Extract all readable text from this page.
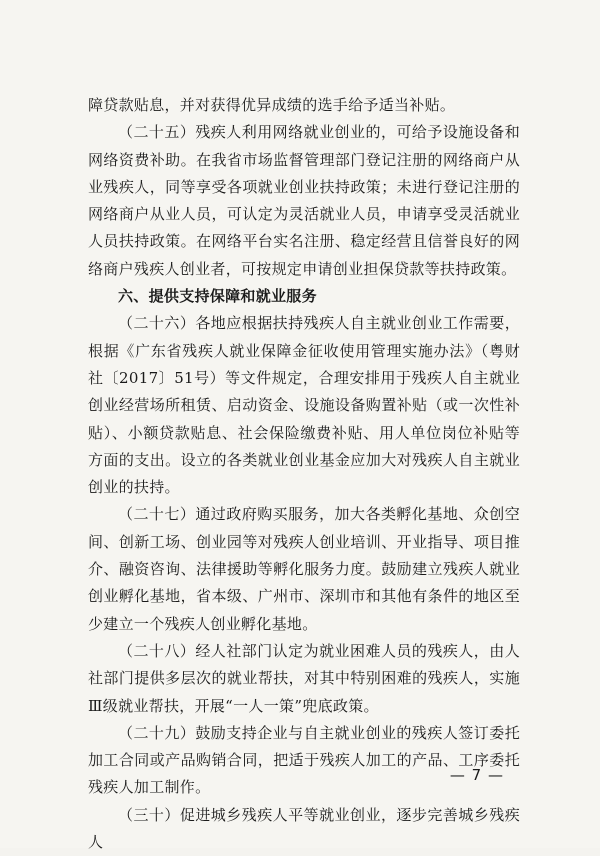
障贷款贴息，并对获得优异成绩的选手给予适当补贴。

（二十五）残疾人利用网络就业创业的，可给予设施设备和网络资费补助。在我省市场监督管理部门登记注册的网络商户从业残疾人，同等享受各项就业创业扶持政策；未进行登记注册的网络商户从业人员，可认定为灵活就业人员，申请享受灵活就业人员扶持政策。在网络平台实名注册、稳定经营且信誉良好的网络商户残疾人创业者，可按规定申请创业担保贷款等扶持政策。

六、提供支持保障和就业服务

（二十六）各地应根据扶持残疾人自主就业创业工作需要，根据《广东省残疾人就业保障金征收使用管理实施办法》（粤财社〔2017〕51号）等文件规定，合理安排用于残疾人自主就业创业经营场所租赁、启动资金、设施设备购置补贴（或一次性补贴）、小额贷款贴息、社会保险缴费补贴、用人单位岗位补贴等方面的支出。设立的各类就业创业基金应加大对残疾人自主就业创业的扶持。

（二十七）通过政府购买服务，加大各类孵化基地、众创空间、创新工场、创业园等对残疾人创业培训、开业指导、项目推介、融资咨询、法律援助等孵化服务力度。鼓励建立残疾人就业创业孵化基地，省本级、广州市、深圳市和其他有条件的地区至少建立一个残疾人创业孵化基地。

（二十八）经人社部门认定为就业困难人员的残疾人，由人社部门提供多层次的就业帮扶，对其中特别困难的残疾人，实施Ⅲ级就业帮扶，开展“一人一策”兜底政策。

（二十九）鼓励支持企业与自主就业创业的残疾人签订委托加工合同或产品购销合同，把适于残疾人加工的产品、工序委托残疾人加工制作。

（三十）促进城乡残疾人平等就业创业，逐步完善城乡残疾人

— 7 —
